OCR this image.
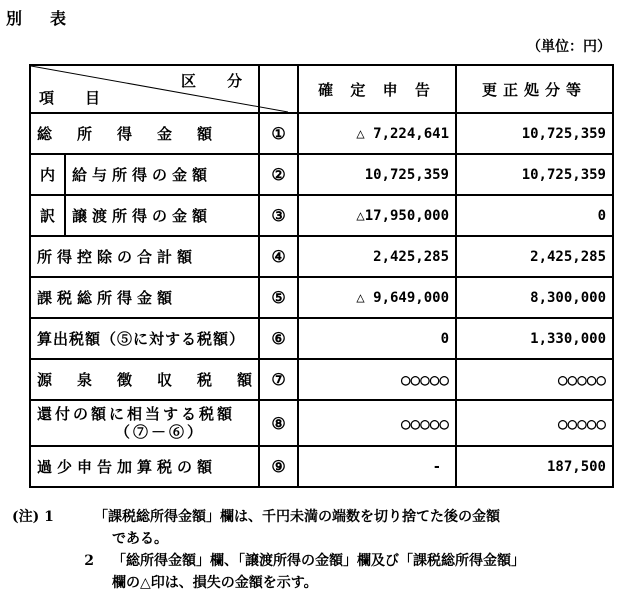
別　表
（単位：円）
区　分
項　目			確 定 申 告	更正処分等
総　所　得　金　額		①	△ 7,224,641	10,725,359
内	給与所得の金額	②	10,725,359	10,725,359
訳	譲渡所得の金額	③	△17,950,000	0
所得控除の合計額		④	2,425,285	2,425,285
課税総所得金額		⑤	△ 9,649,000	8,300,000
算出税額（⑤に対する税額）		⑥	0	1,330,000
源　泉　徴　収　税　額		⑦	○○○○○	○○○○○

還付の額に相当する税額
（⑦－⑥）		⑧	○○○○○	○○○○○
過少申告加算税の額		⑨	-	187,500
(注) 1	「課税総所得金額」欄は、千円未満の端数を切り捨てた後の金額
である。
2	「総所得金額」欄、「譲渡所得の金額」欄及び「課税総所得金額」
欄の△印は、損失の金額を示す。
